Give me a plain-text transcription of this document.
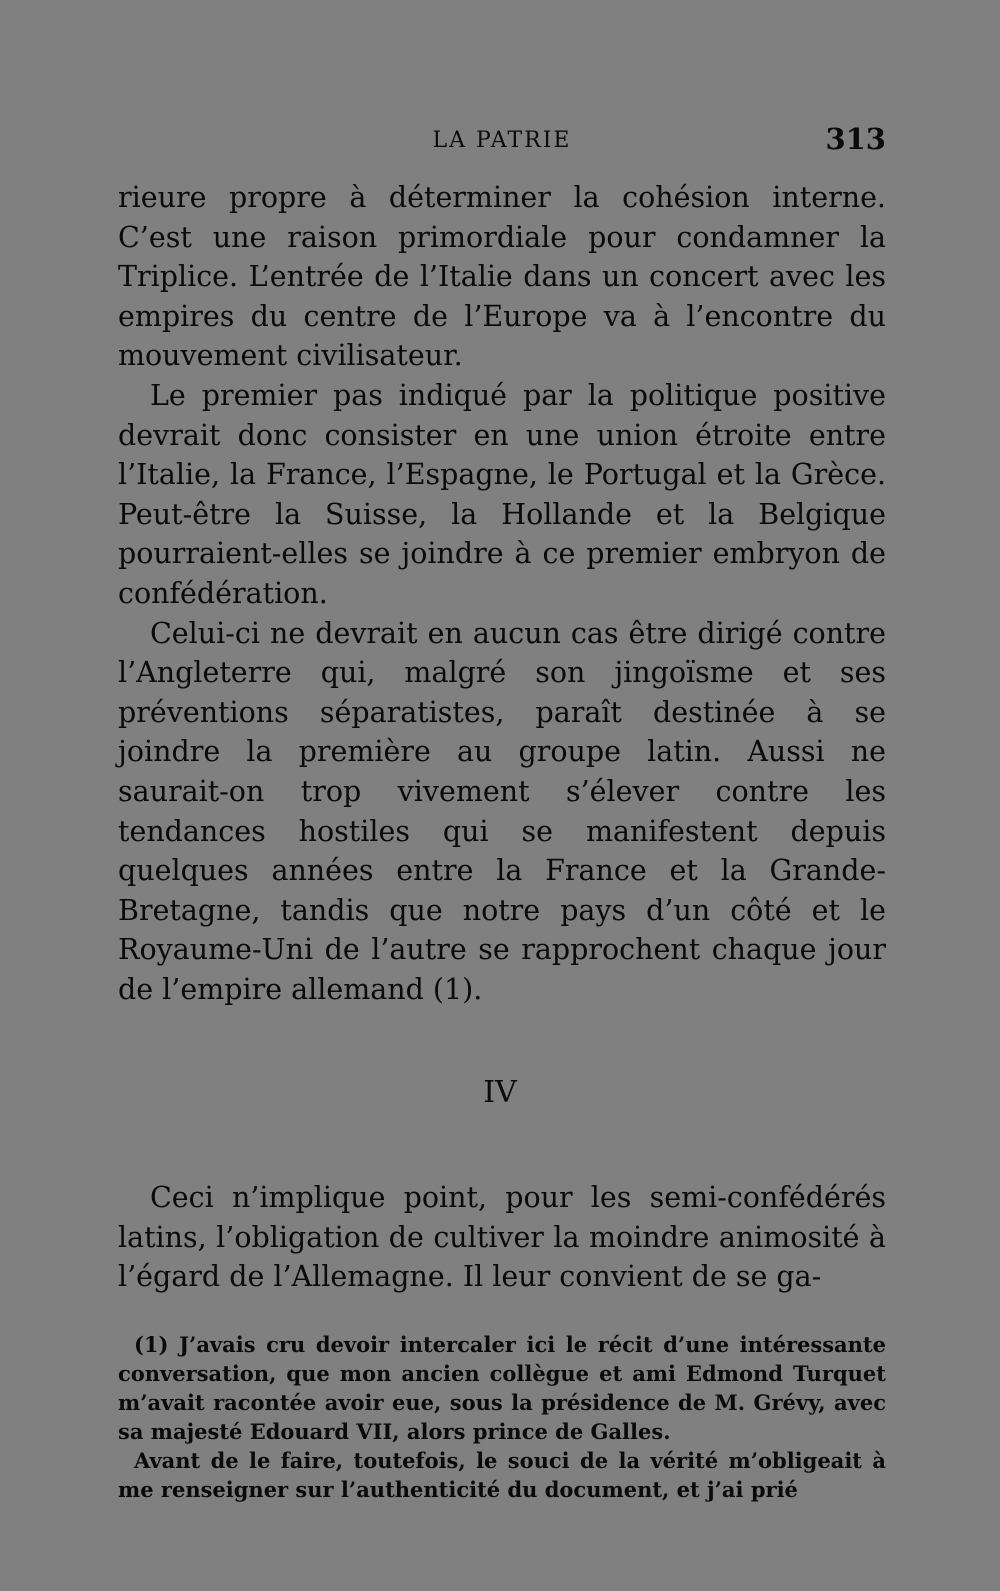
LA PATRIE	313

rieure propre à déterminer la cohésion interne. C’est une raison primordiale pour condamner la Triplice. L’entrée de l’Italie dans un concert avec les empires du centre de l’Europe va à l’encontre du mouvement civilisateur.

Le premier pas indiqué par la politique positive devrait donc consister en une union étroite entre l’Italie, la France, l’Espagne, le Portugal et la Grèce. Peut-être la Suisse, la Hollande et la Belgique pourraient-elles se joindre à ce premier embryon de confédération.

Celui-ci ne devrait en aucun cas être dirigé contre l’Angleterre qui, malgré son jingoïsme et ses préventions séparatistes, paraît destinée à se joindre la première au groupe latin. Aussi ne saurait-on trop vivement s’élever contre les tendances hostiles qui se manifestent depuis quelques années entre la France et la Grande-Bretagne, tandis que notre pays d’un côté et le Royaume-Uni de l’autre se rapprochent chaque jour de l’empire allemand (1).

IV

Ceci n’implique point, pour les semi-confédérés latins, l’obligation de cultiver la moindre animosité à l’égard de l’Allemagne. Il leur convient de se ga-

(1) J’avais cru devoir intercaler ici le récit d’une intéressante conversation, que mon ancien collègue et ami Edmond Turquet m’avait racontée avoir eue, sous la présidence de M. Grévy, avec sa majesté Edouard VII, alors prince de Galles.

Avant de le faire, toutefois, le souci de la vérité m’obligeait à me renseigner sur l’authenticité du document, et j’ai prié
